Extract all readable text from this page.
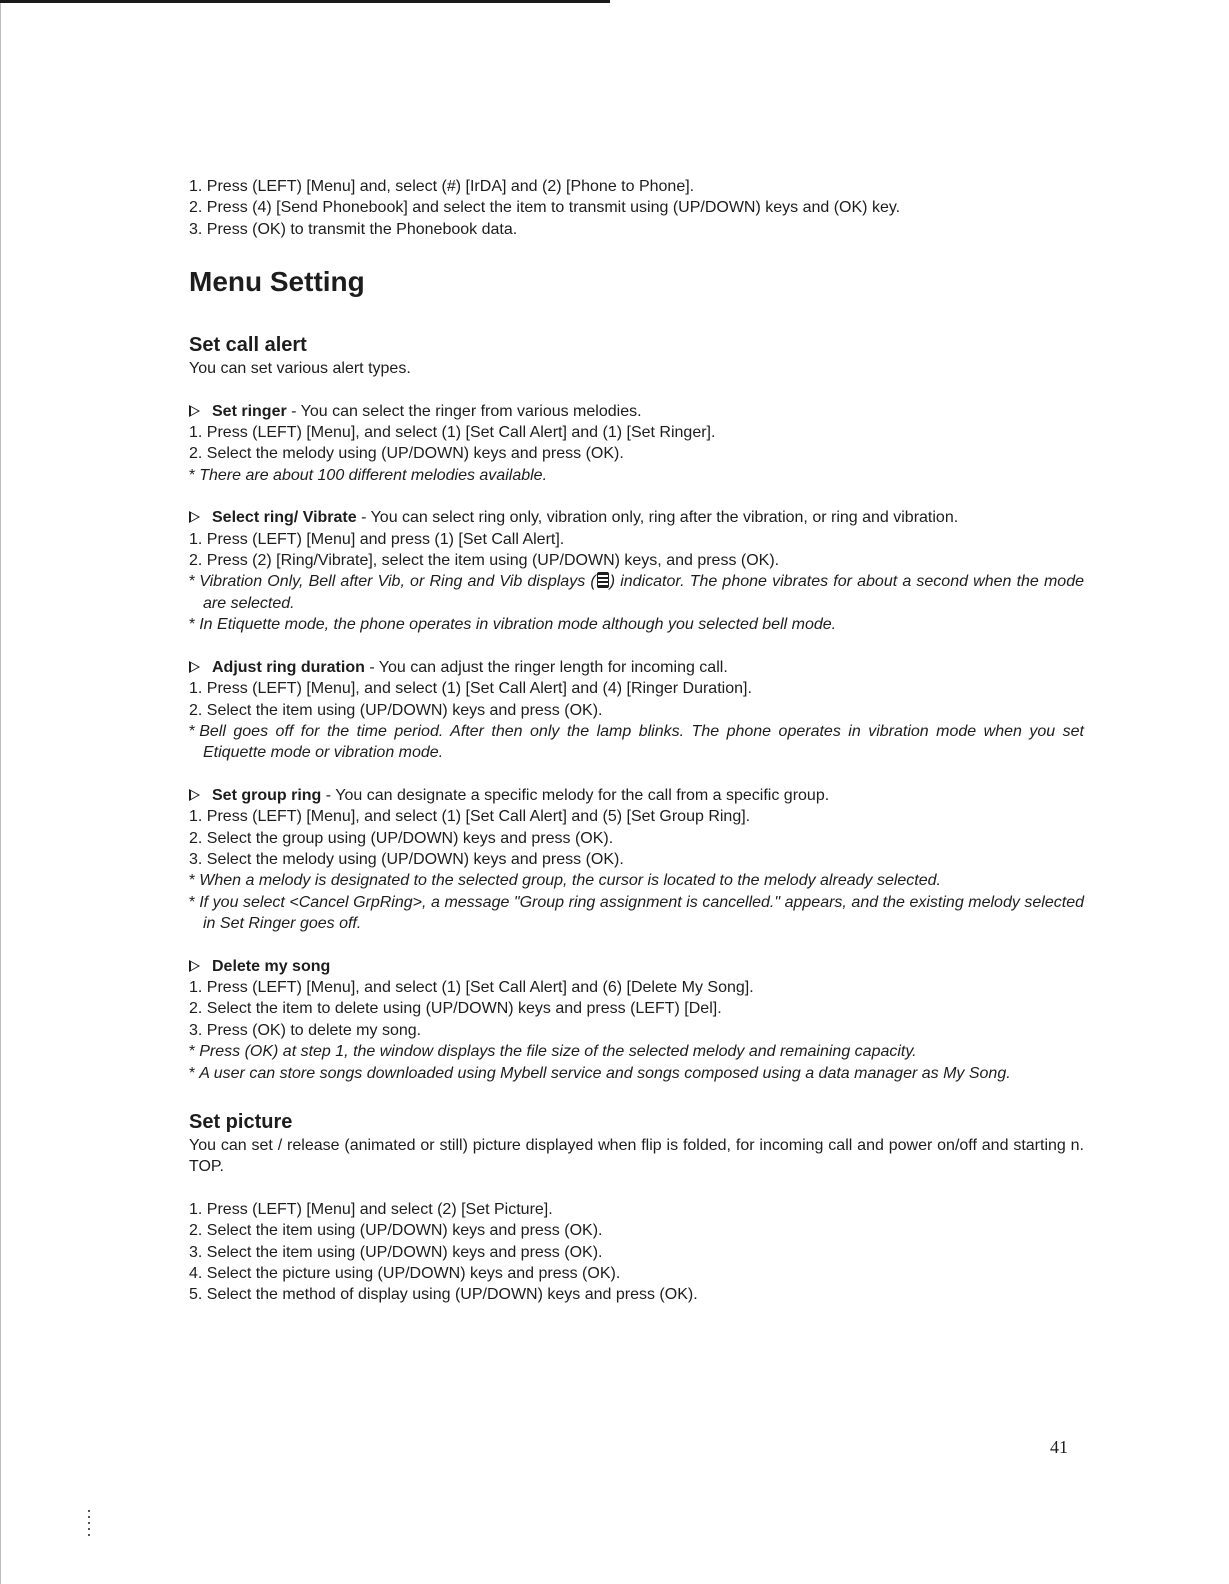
1. Press (LEFT) [Menu] and, select (#) [IrDA] and (2) [Phone to Phone].

2. Press (4) [Send Phonebook] and select the item to transmit using (UP/DOWN) keys and (OK) key.

3. Press (OK) to transmit the Phonebook data.

Menu Setting
Set call alert

You can set various alert types.

Set ringer - You can select the ringer from various melodies.

1. Press (LEFT) [Menu], and select (1) [Set Call Alert] and (1) [Set Ringer].

2. Select the melody using (UP/DOWN) keys and press (OK).

* There are about 100 different melodies available.

Select ring/ Vibrate - You can select ring only, vibration only, ring after the vibration, or ring and vibration.

1. Press (LEFT) [Menu] and press (1) [Set Call Alert].

2. Press (2) [Ring/Vibrate], select the item using (UP/DOWN) keys, and press (OK).

* Vibration Only, Bell after Vib, or Ring and Vib displays ( ) indicator. The phone vibrates for about a second when the mode are selected.

* In Etiquette mode, the phone operates in vibration mode although you selected bell mode.

Adjust ring duration - You can adjust the ringer length for incoming call.

1. Press (LEFT) [Menu], and select (1) [Set Call Alert] and (4) [Ringer Duration].

2. Select the item using (UP/DOWN) keys and press (OK).

* Bell goes off for the time period. After then only the lamp blinks. The phone operates in vibration mode when you set Etiquette mode or vibration mode.

Set group ring - You can designate a specific melody for the call from a specific group.

1. Press (LEFT) [Menu], and select (1) [Set Call Alert] and (5) [Set Group Ring].

2. Select the group using (UP/DOWN) keys and press (OK).

3. Select the melody using (UP/DOWN) keys and press (OK).

* When a melody is designated to the selected group, the cursor is located to the melody already selected.

* If you select <Cancel GrpRing>, a message "Group ring assignment is cancelled." appears, and the existing melody selected in Set Ringer goes off.

Delete my song

1. Press (LEFT) [Menu], and select (1) [Set Call Alert] and (6) [Delete My Song].

2. Select the item to delete using (UP/DOWN) keys and press (LEFT) [Del].

3. Press (OK) to delete my song.

* Press (OK) at step 1, the window displays the file size of the selected melody and remaining capacity.

* A user can store songs downloaded using Mybell service and songs composed using a data manager as My Song.

Set picture

You can set / release (animated or still) picture displayed when flip is folded, for incoming call and power on/off and starting n. TOP.

1. Press (LEFT) [Menu] and select (2) [Set Picture].

2. Select the item using (UP/DOWN) keys and press (OK).

3. Select the item using (UP/DOWN) keys and press (OK).

4. Select the picture using (UP/DOWN) keys and press (OK).

5. Select the method of display using (UP/DOWN) keys and press (OK).

41
